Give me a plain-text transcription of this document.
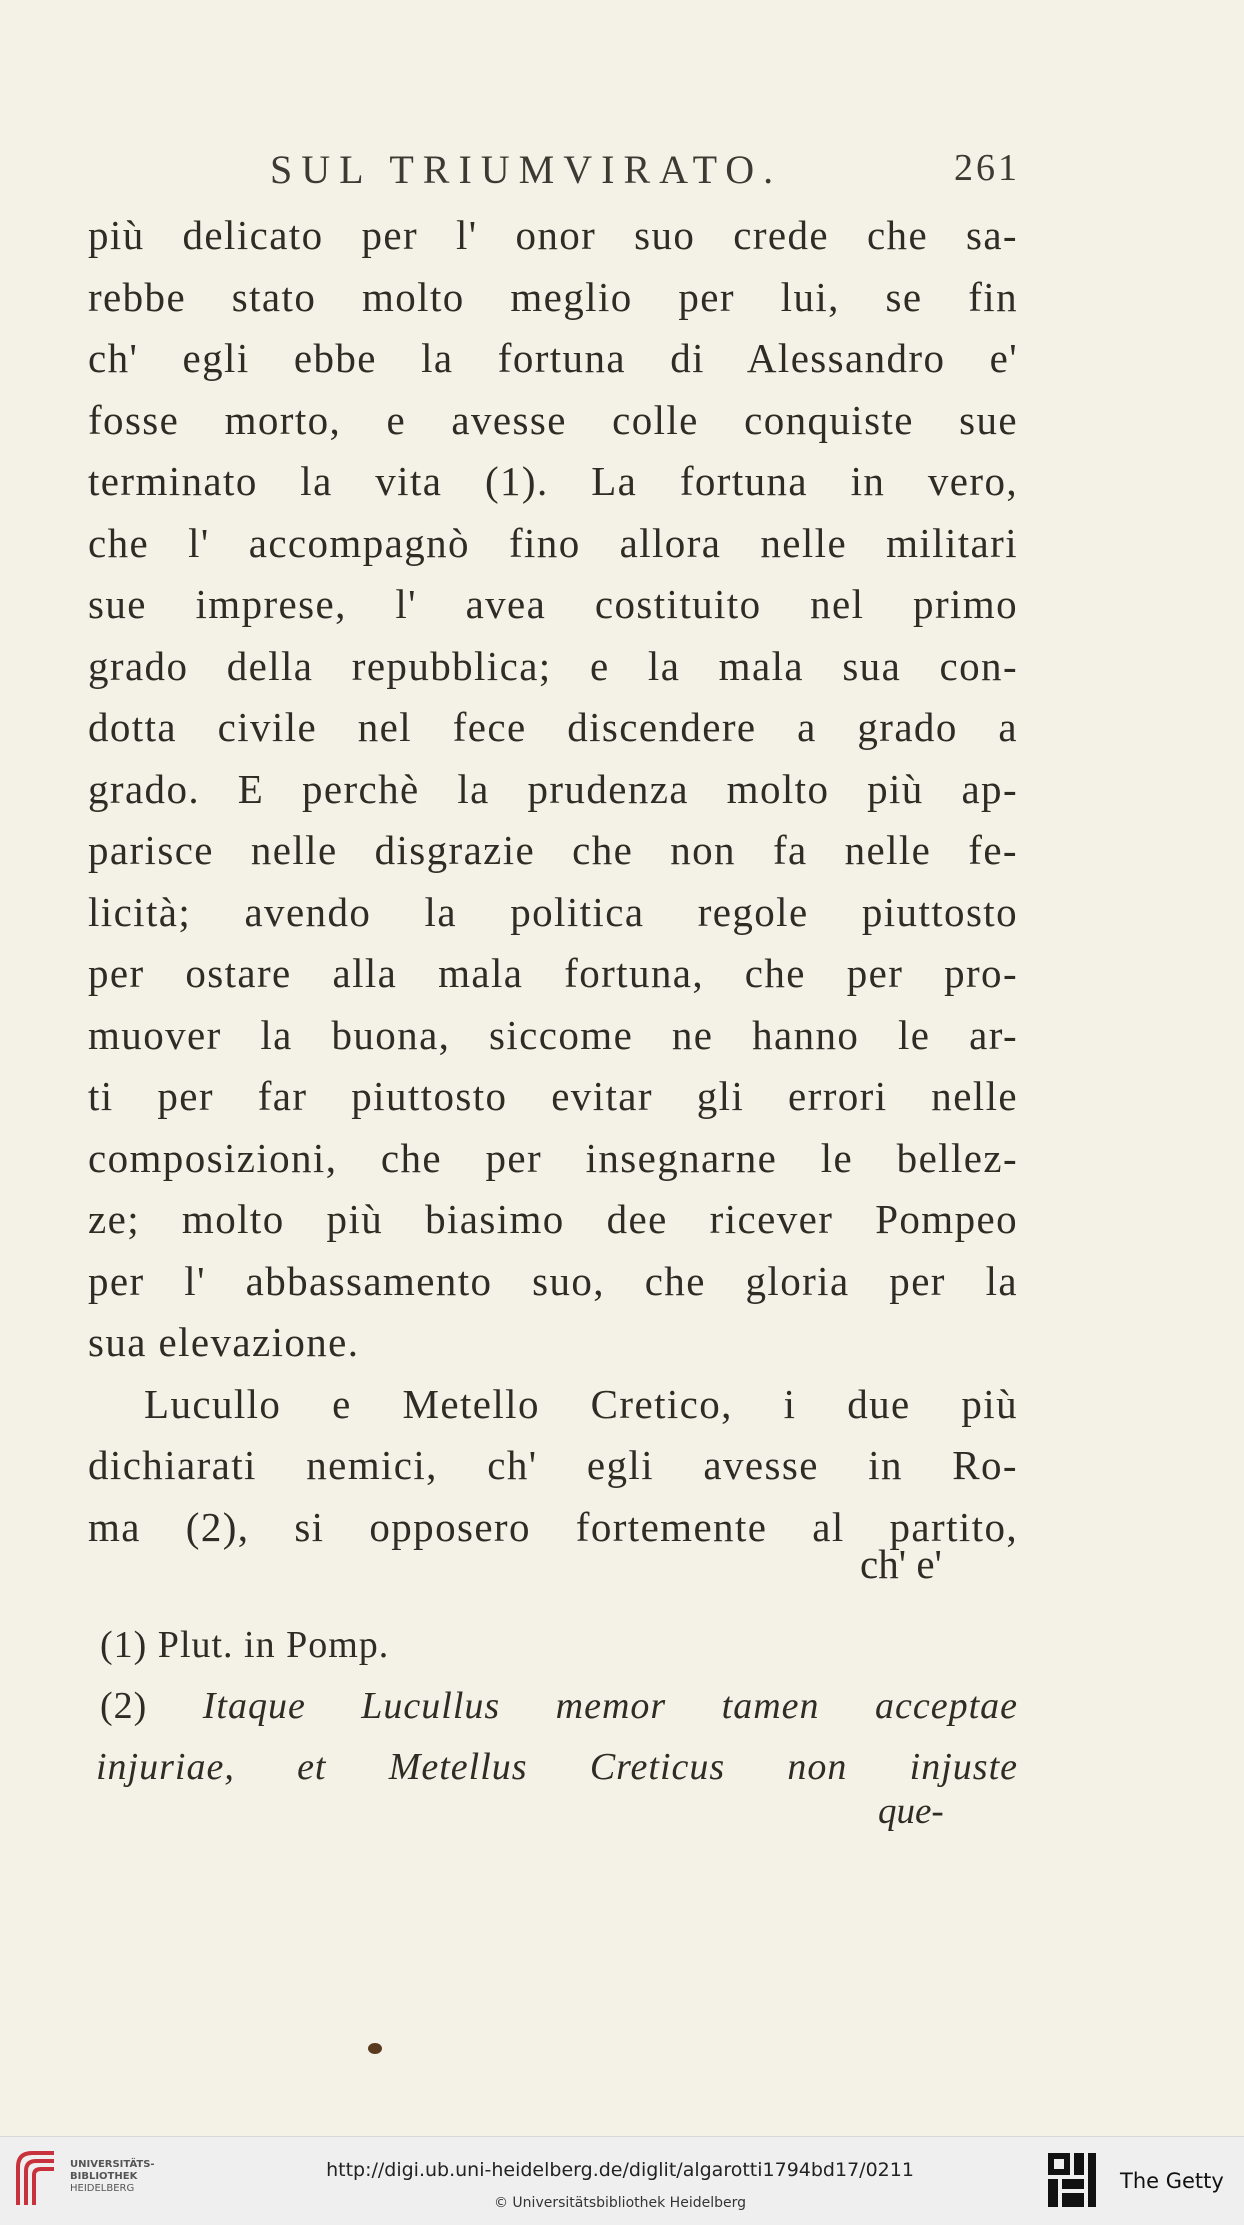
SUL TRIUMVIRATO.	261
più delicato per l' onor suo crede che sa-
rebbe stato molto meglio per lui, se fin
ch' egli ebbe la fortuna di Alessandro e'
fosse morto, e avesse colle conquiste sue
terminato la vita (1). La fortuna in vero,
che l' accompagnò fino allora nelle militari
sue imprese, l' avea costituito nel primo
grado della repubblica; e la mala sua con-
dotta civile nel fece discendere a grado a
grado. E perchè la prudenza molto più ap-
parisce nelle disgrazie che non fa nelle fe-
licità; avendo la politica regole piuttosto
per ostare alla mala fortuna, che per pro-
muover la buona, siccome ne hanno le ar-
ti per far piuttosto evitar gli errori nelle
composizioni, che per insegnarne le bellez-
ze; molto più biasimo dee ricever Pompeo
per l' abbassamento suo, che gloria per la
sua elevazione.
Lucullo e Metello Cretico, i due più
dichiarati nemici, ch' egli avesse in Ro-
ma (2), si opposero fortemente al partito,
ch' e'
(1) Plut. in Pomp.
(2) Itaque Lucullus memor tamen acceptae
injuriae, et Metellus Creticus non injuste
que-
UNIVERSITÄTS-
BIBLIOTHEK
HEIDELBERG
http://digi.ub.uni-heidelberg.de/diglit/algarotti1794bd17/0211
© Universitätsbibliothek Heidelberg
The Getty
